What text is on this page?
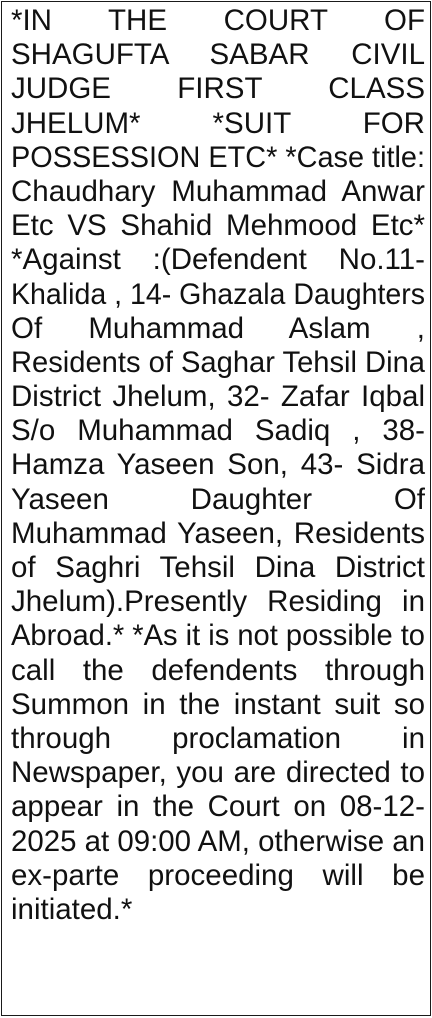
*IN THE COURT OF
SHAGUFTA SABAR CIVIL
JUDGE FIRST CLASS
JHELUM* *SUIT FOR
POSSESSION ETC* *Case title:
Chaudhary Muhammad Anwar
Etc VS Shahid Mehmood Etc*
*Against :(Defendent No.11-
Khalida , 14- Ghazala Daughters
Of Muhammad Aslam ,
Residents of Saghar Tehsil Dina
District Jhelum, 32- Zafar Iqbal
S/o Muhammad Sadiq , 38-
Hamza Yaseen Son, 43- Sidra
Yaseen Daughter Of
Muhammad Yaseen, Residents
of Saghri Tehsil Dina District
Jhelum).Presently Residing in
Abroad.* *As it is not possible to
call the defendents through
Summon in the instant suit so
through proclamation in
Newspaper, you are directed to
appear in the Court on 08-12-
2025 at 09:00 AM, otherwise an
ex-parte proceeding will be
initiated.*
